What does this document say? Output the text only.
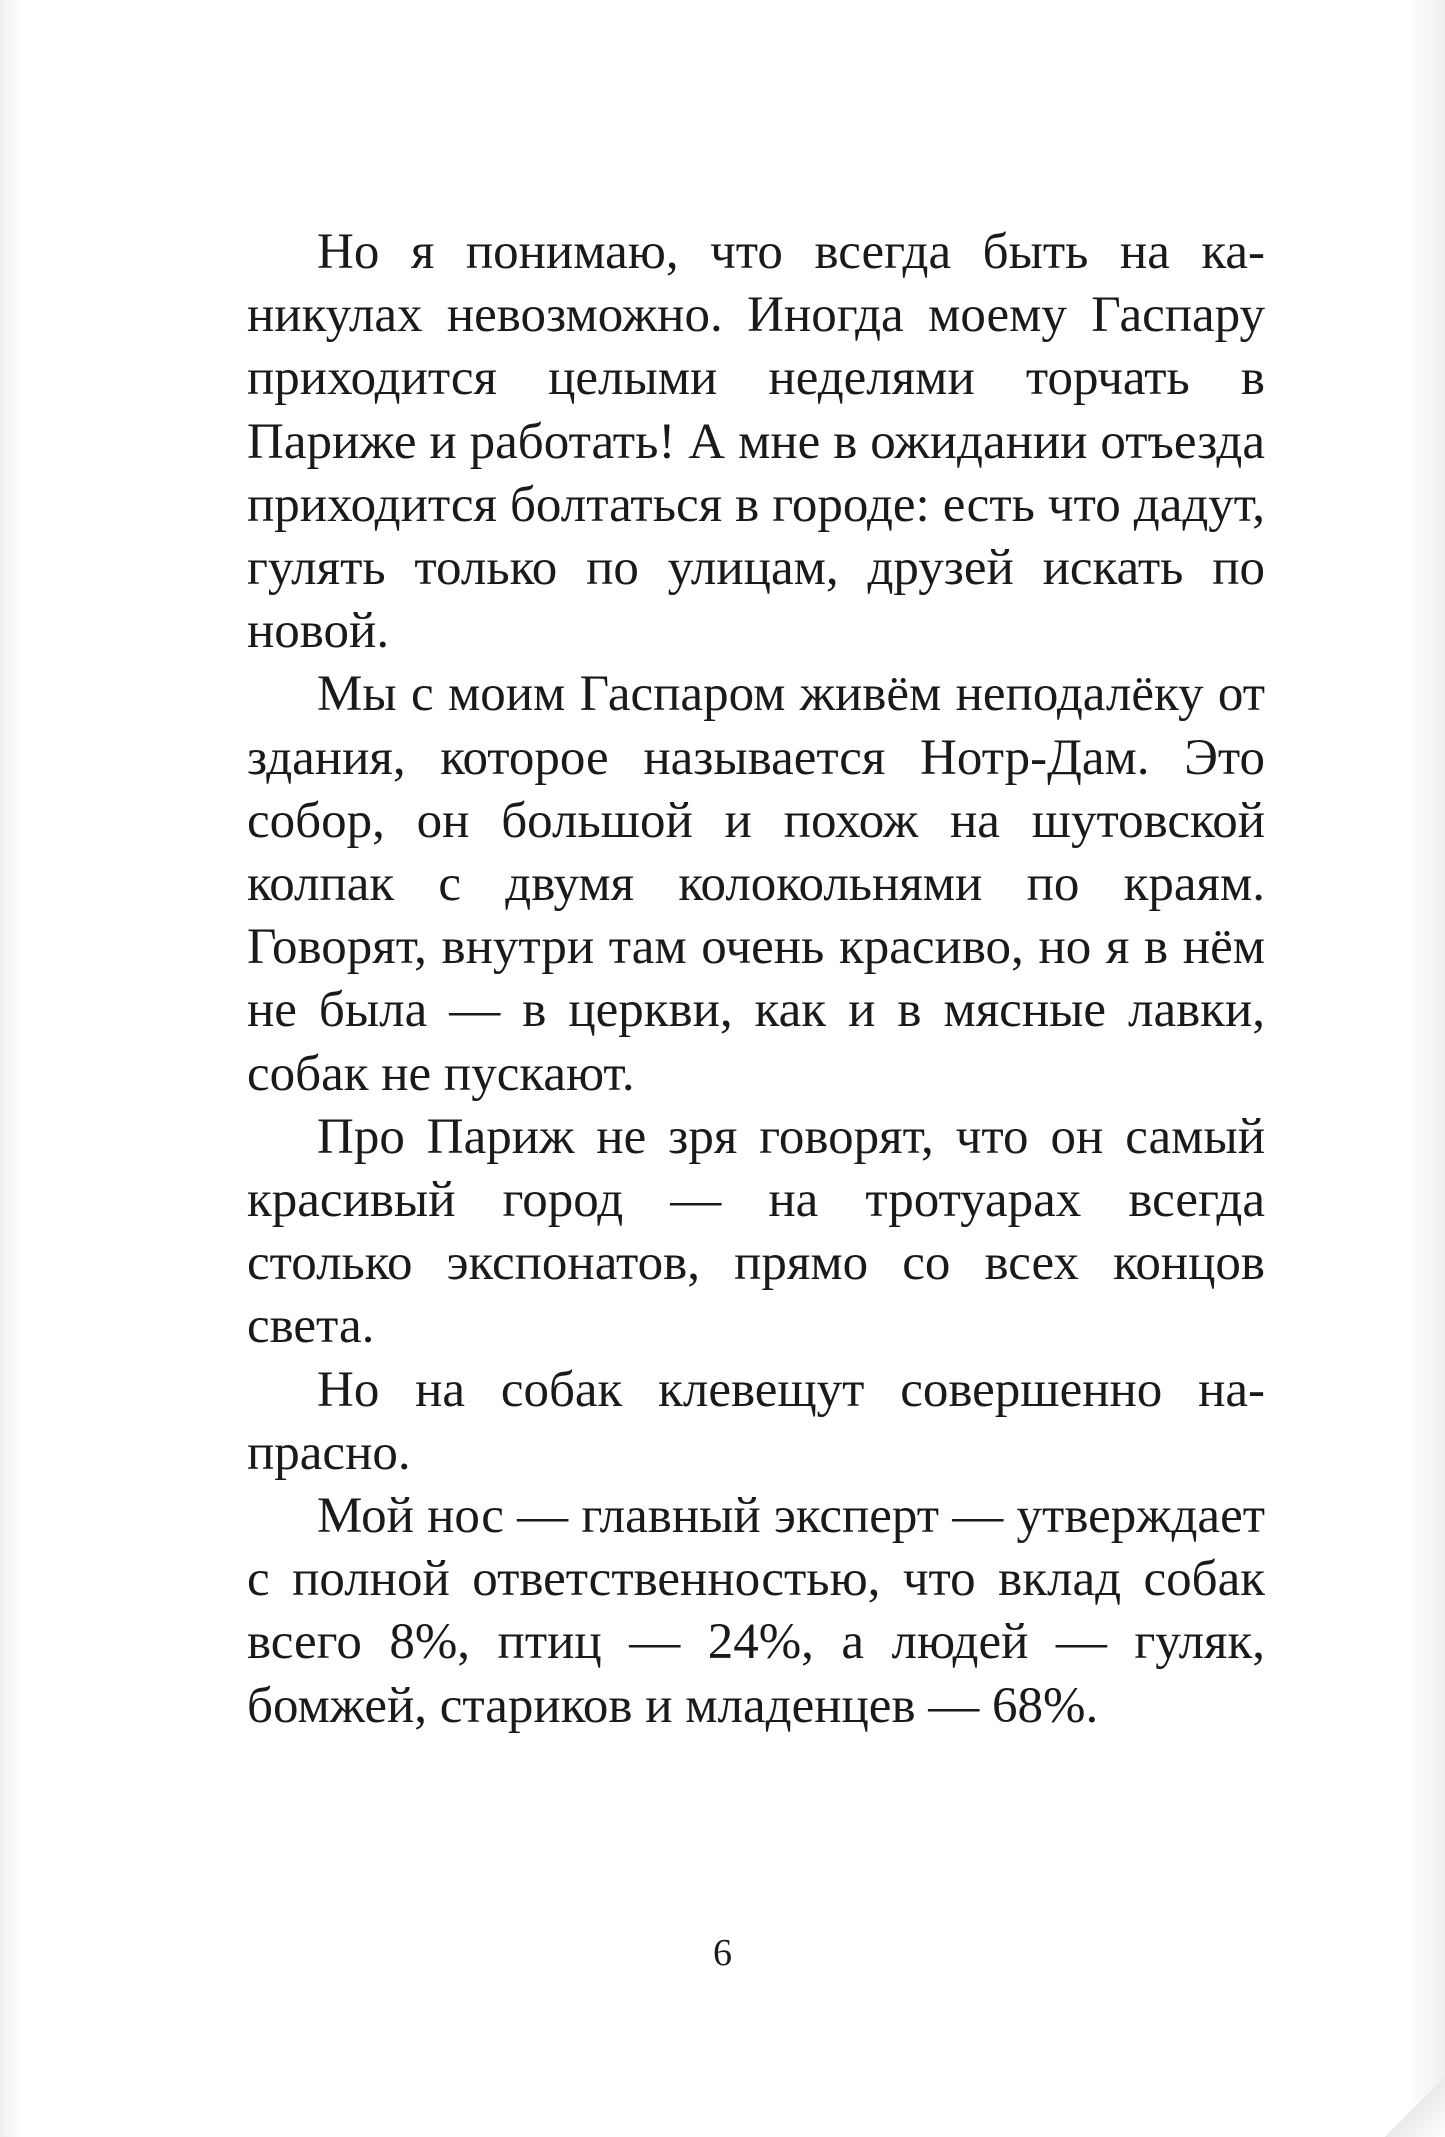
Но я понимаю, что всегда быть на каникулах невозможно. Иногда моему Гаспару приходится целыми неделями торчать в Париже и работать! А мне в ожидании отъезда приходится болтаться в городе: есть что дадут, гулять только по улицам, друзей искать по новой.

Мы с моим Гаспаром живём неподалёку от здания, которое называется Нотр-Дам. Это собор, он большой и похож на шутовской колпак с двумя колокольнями по краям. Говорят, внутри там очень красиво, но я в нём не была — в церкви, как и в мясные лавки, собак не пускают.

Про Париж не зря говорят, что он самый красивый город — на тротуарах всегда столько экспонатов, прямо со всех концов света.

Но на собак клевещут совершенно напрасно.

Мой нос — главный эксперт — утверждает с полной ответственностью, что вклад собак всего 8%, птиц — 24%, а людей — гуляк, бомжей, стариков и младенцев — 68%.

6
